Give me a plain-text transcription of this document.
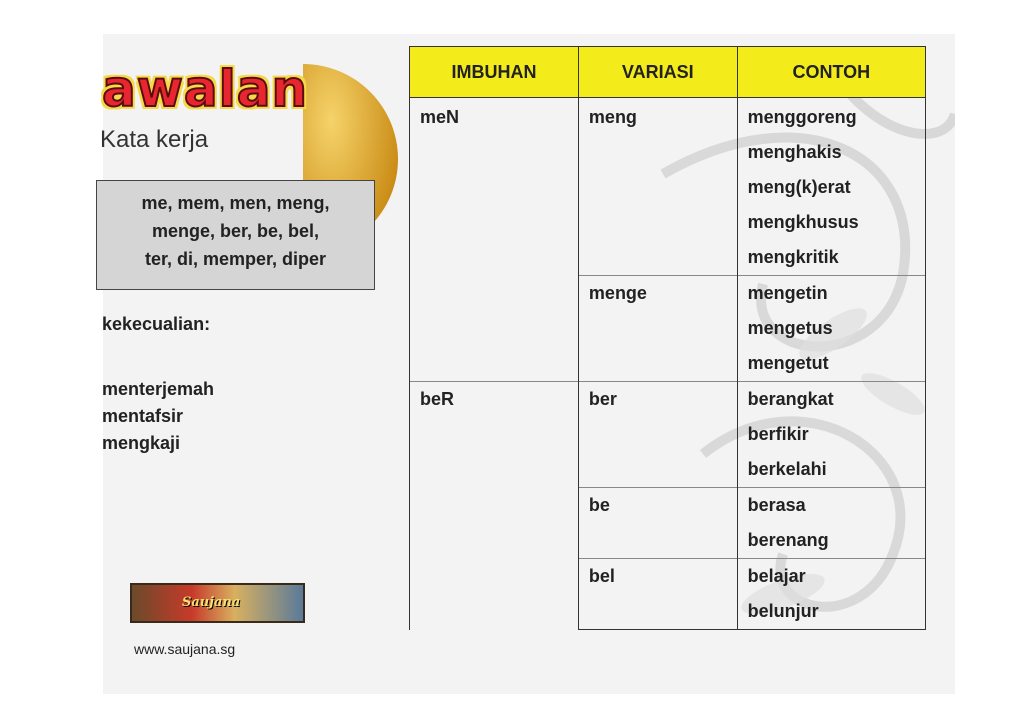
awalan
Kata kerja
me, mem, men, meng,
menge, ber, be, bel,
ter, di, memper, diper
kekecualian:
menterjemah
mentafsir
mengkaji
Saujana
www.saujana.sg
IMBUHAN	VARIASI	CONTOH

meN	meng	menggoreng
menghakis
meng(k)erat
mengkhusus
mengkritik

	menge	mengetin
mengetus
mengetut

beR	ber	berangkat
berfikir
berkelahi

	be	berasa
berenang

	bel	belajar
belunjur
